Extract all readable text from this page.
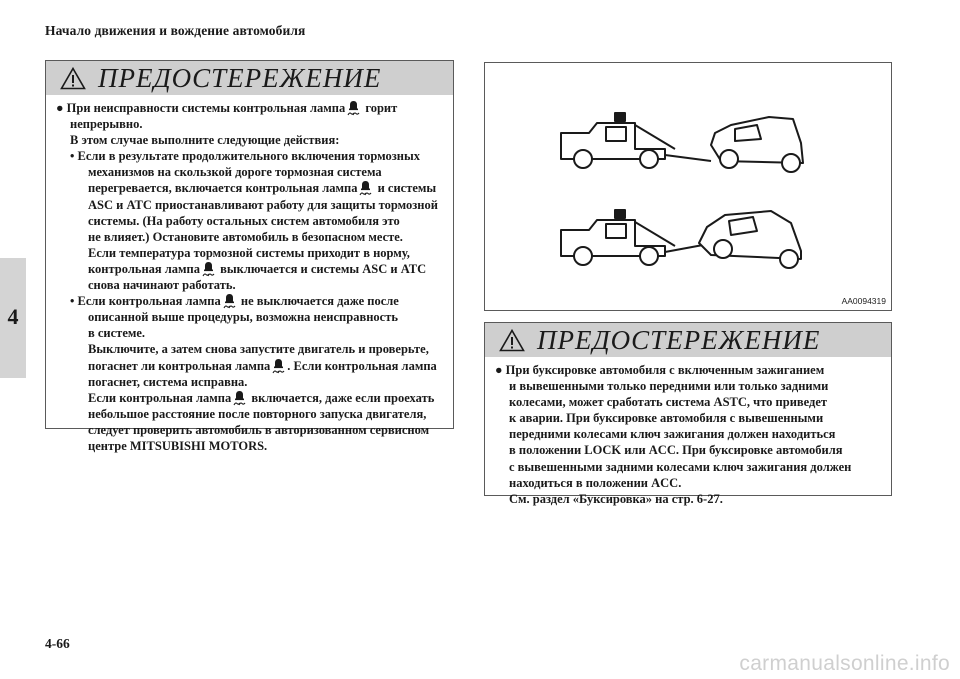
Начало движения и вождение автомобиля
4
ПРЕДОСТЕРЕЖЕНИЕ
● При неисправности системы контрольная лампа горит
непрерывно.
В этом случае выполните следующие действия:
• Если в результате продолжительного включения тормозных
механизмов на скользкой дороге тормозная система
перегревается, включается контрольная лампа и системы
ASC и ATC приостанавливают работу для защиты тормозной
системы. (На работу остальных систем автомобиля это
не влияет.) Остановите автомобиль в безопасном месте.
Если температура тормозной системы приходит в норму,
контрольная лампа выключается и системы ASC и ATC
снова начинают работать.
• Если контрольная лампа не выключается даже после
описанной выше процедуры, возможна неисправность
в системе.
Выключите, а затем снова запустите двигатель и проверьте,
погаснет ли контрольная лампа . Если контрольная лампа
погаснет, система исправна.
Если контрольная лампа включается, даже если проехать
небольшое расстояние после повторного запуска двигателя,
следует проверить автомобиль в авторизованном сервисном
центре MITSUBISHI MOTORS.
AA0094319
ПРЕДОСТЕРЕЖЕНИЕ
● При буксировке автомобиля с включенным зажиганием
и вывешенными только передними или только задними
колесами, может сработать система ASTC, что приведет
к аварии. При буксировке автомобиля с вывешенными
передними колесами ключ зажигания должен находиться
в положении LOCK или ACC. При буксировке автомобиля
с вывешенными задними колесами ключ зажигания должен
находиться в положении ACC.
См. раздел «Буксировка» на стр. 6-27.
4-66
carmanualsonline.info
